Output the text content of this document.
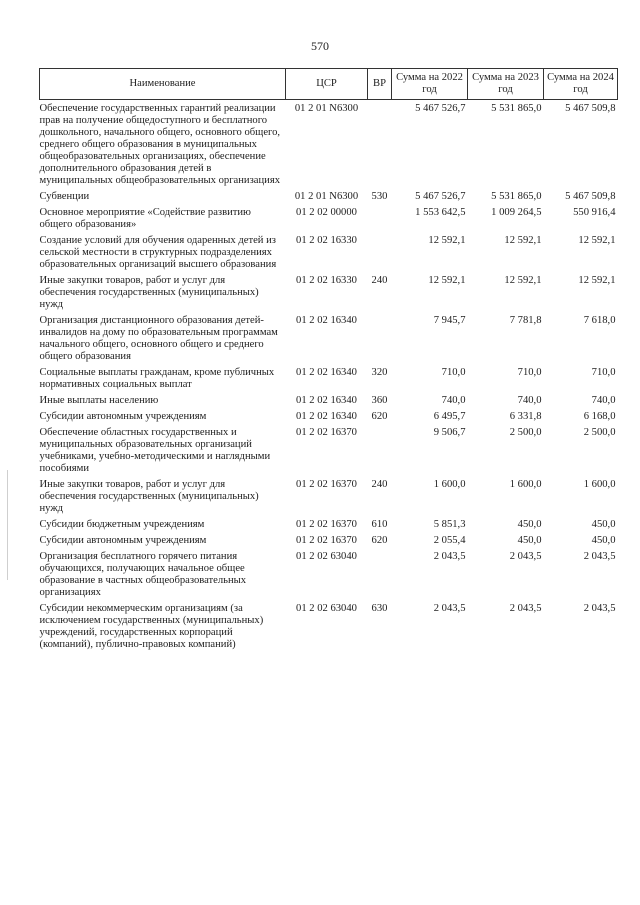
570
Наименование	ЦСР	ВР	Сумма на 2022 год	Сумма на 2023 год	Сумма на 2024 год
Обеспечение государственных гарантий реализации прав на получение общедоступного и бесплатного дошкольного, начального общего, основного общего, среднего общего образования в муниципальных общеобразовательных организациях, обеспечение дополнительного образования детей в муниципальных общеобразовательных организациях	01 2 01 N6300		5 467 526,7	5 531 865,0	5 467 509,8
Субвенции	01 2 01 N6300	530	5 467 526,7	5 531 865,0	5 467 509,8
Основное мероприятие «Содействие развитию общего образования»	01 2 02 00000		1 553 642,5	1 009 264,5	550 916,4
Создание условий для обучения одаренных детей из сельской местности в структурных подразделениях образовательных организаций высшего образования	01 2 02 16330		12 592,1	12 592,1	12 592,1
Иные закупки товаров, работ и услуг для обеспечения государственных (муниципальных) нужд	01 2 02 16330	240	12 592,1	12 592,1	12 592,1
Организация дистанционного образования детей-инвалидов на дому по образовательным программам начального общего, основного общего и среднего общего образования	01 2 02 16340		7 945,7	7 781,8	7 618,0
Социальные выплаты гражданам, кроме публичных нормативных социальных выплат	01 2 02 16340	320	710,0	710,0	710,0
Иные выплаты населению	01 2 02 16340	360	740,0	740,0	740,0
Субсидии автономным учреждениям	01 2 02 16340	620	6 495,7	6 331,8	6 168,0
Обеспечение областных государственных и муниципальных образовательных организаций учебниками, учебно-методическими и наглядными пособиями	01 2 02 16370		9 506,7	2 500,0	2 500,0
Иные закупки товаров, работ и услуг для обеспечения государственных (муниципальных) нужд	01 2 02 16370	240	1 600,0	1 600,0	1 600,0
Субсидии бюджетным учреждениям	01 2 02 16370	610	5 851,3	450,0	450,0
Субсидии автономным учреждениям	01 2 02 16370	620	2 055,4	450,0	450,0
Организация бесплатного горячего питания обучающихся, получающих начальное общее образование в частных общеобразовательных организациях	01 2 02 63040		2 043,5	2 043,5	2 043,5
Субсидии некоммерческим организациям (за исключением государственных (муниципальных) учреждений, государственных корпораций (компаний), публично-правовых компаний)	01 2 02 63040	630	2 043,5	2 043,5	2 043,5
